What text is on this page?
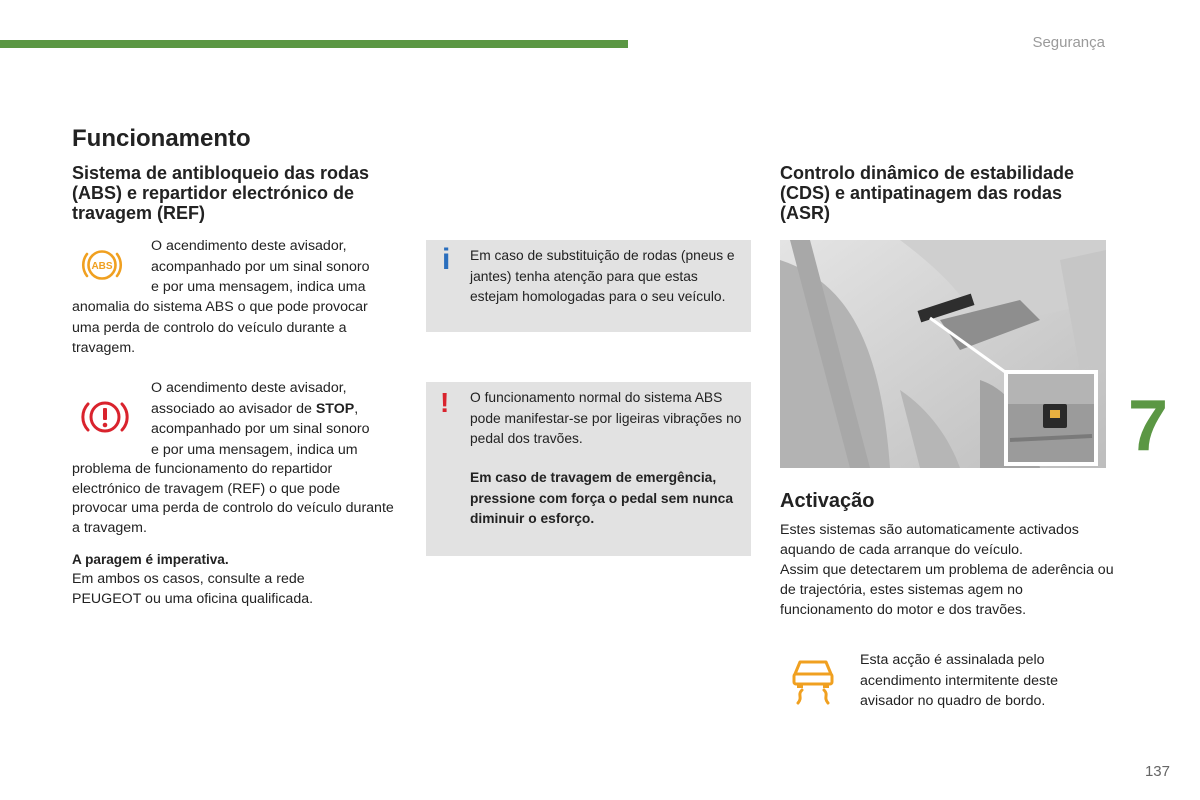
Segurança
Funcionamento
Sistema de antibloqueio das rodas (ABS) e repartidor electrónico de travagem (REF)
ABS
O acendimento deste avisador,
acompanhado por um sinal sonoro
e por uma mensagem, indica uma
anomalia do sistema ABS o que pode provocar uma perda de controlo do veículo durante a travagem.
O acendimento deste avisador,
associado ao avisador de STOP,
acompanhado por um sinal sonoro
e por uma mensagem, indica um
problema de funcionamento do repartidor electrónico de travagem (REF) o que pode provocar uma perda de controlo do veículo durante a travagem.
A paragem é imperativa.
Em ambos os casos, consulte a rede PEUGEOT ou uma oficina qualificada.
i Em caso de substituição de rodas (pneus e jantes) tenha atenção para que estas estejam homologadas para o seu veículo.
! O funcionamento normal do sistema ABS pode manifestar-se por ligeiras vibrações no pedal dos travões.
Em caso de travagem de emergência, pressione com força o pedal sem nunca diminuir o esforço.
Controlo dinâmico de estabilidade (CDS) e antipatinagem das rodas (ASR)
Activação
Estes sistemas são automaticamente activados aquando de cada arranque do veículo.
Assim que detectarem um problema de aderência ou de trajectória, estes sistemas agem no funcionamento do motor e dos travões.
Esta acção é assinalada pelo acendimento intermitente deste avisador no quadro de bordo.
7
137
